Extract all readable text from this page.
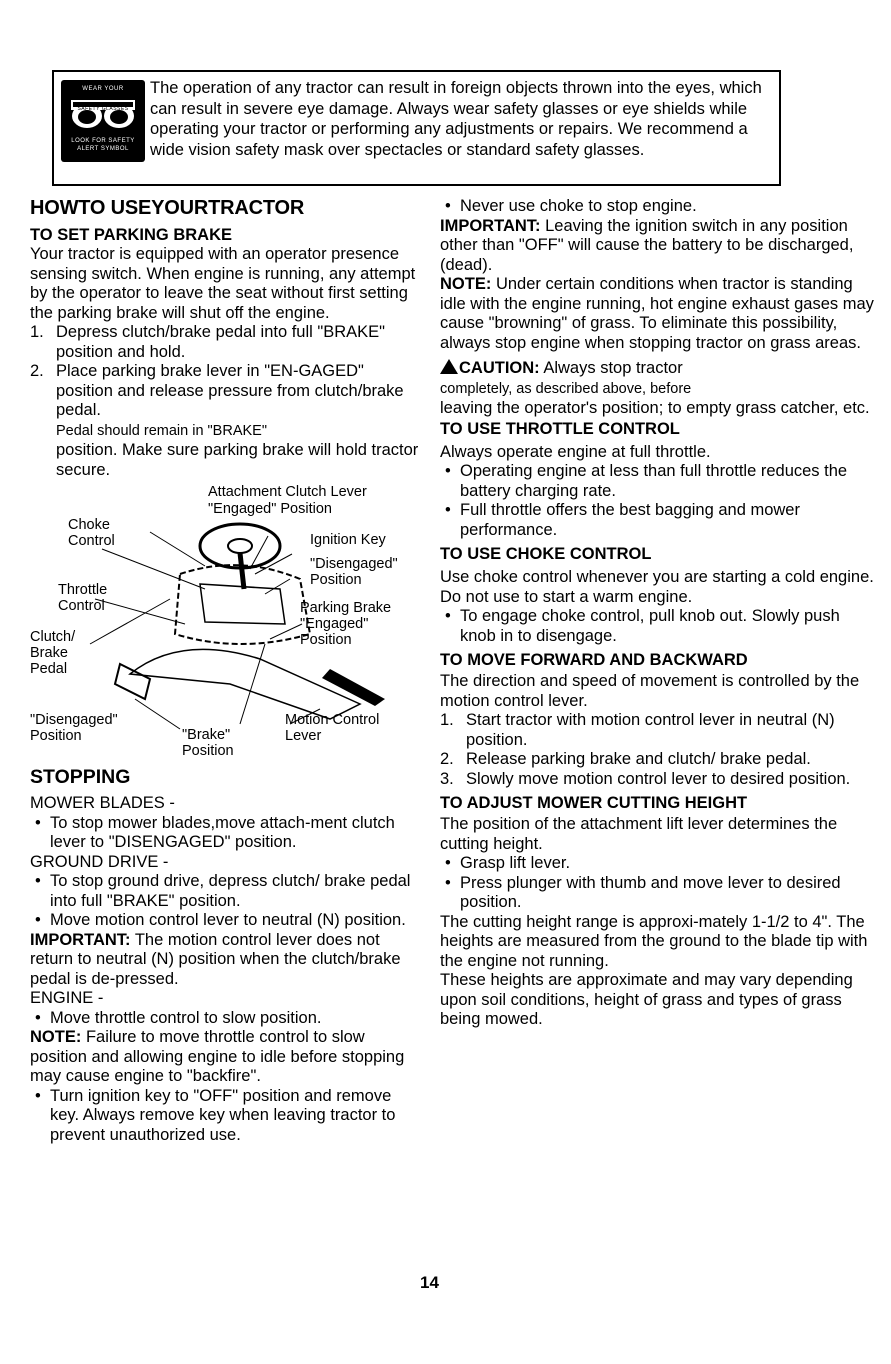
WEAR YOUR
SAFETY GLASSES
LOOK FOR SAFETY
ALERT SYMBOL
The operation of any tractor can result in foreign objects thrown into the eyes, which can result in severe eye damage. Always wear safety glasses or eye shields while operating your tractor or performing any adjustments or repairs. We recommend a wide vision safety mask over spectacles or standard safety glasses.
HOWTO USEYOURTRACTOR
TO SET PARKING BRAKE

Your tractor is equipped with an operator presence sensing switch. When engine is running, any attempt by the operator to leave the seat without first setting the parking brake will shut off the engine.

1. Depress clutch/brake pedal into full "BRAKE" position and hold.
2. Place parking brake lever in "EN-GAGED" position and release pressure from clutch/brake pedal.
Pedal should remain in "BRAKE"
position. Make sure parking brake will hold tractor secure.
Attachment Clutch Lever
"Engaged" Position
Choke Control	Ignition Key
"Disengaged" Position
Throttle Control	Parking Brake "Engaged" Position
Clutch/ Brake Pedal
"Disengaged" Position	"Brake" Position
Motion Control Lever
STOPPING

MOWER BLADES -

• To stop mower blades,move attach-ment clutch lever to "DISENGAGED" position.

GROUND DRIVE -

• To stop ground drive, depress clutch/ brake pedal into full "BRAKE" position.
• Move motion control lever to neutral (N) position.

IMPORTANT: The motion control lever does not return to neutral (N) position when the clutch/brake pedal is de-pressed.

ENGINE -

• Move throttle control to slow position.

NOTE: Failure to move throttle control to slow position and allowing engine to idle before stopping may cause engine to "backfire".

• Turn ignition key to "OFF" position and remove key. Always remove key when leaving tractor to prevent unauthorized use.
• Never use choke to stop engine.

IMPORTANT: Leaving the ignition switch in any position other than "OFF" will cause the battery to be discharged, (dead).

NOTE: Under certain conditions when tractor is standing idle with the engine running, hot engine exhaust gases may cause "browning" of grass. To eliminate this possibility, always stop engine when stopping tractor on grass areas.

CAUTION: Always stop tractor
completely, as described above, before
leaving the operator's position; to empty grass catcher, etc.

TO USE THROTTLE CONTROL

Always operate engine at full throttle.

• Operating engine at less than full throttle reduces the battery charging rate.
• Full throttle offers the best bagging and mower performance.
TO USE CHOKE CONTROL

Use choke control whenever you are starting a cold engine. Do not use to start a warm engine.

• To engage choke control, pull knob out. Slowly push knob in to disengage.
TO MOVE FORWARD AND BACKWARD

The direction and speed of movement is controlled by the motion control lever.

1. Start tractor with motion control lever in neutral (N) position.
2. Release parking brake and clutch/ brake pedal.
3. Slowly move motion control lever to desired position.
TO ADJUST MOWER CUTTING HEIGHT

The position of the attachment lift lever determines the cutting height.

• Grasp lift lever.
• Press plunger with thumb and move lever to desired position.

The cutting height range is approxi-mately 1-1/2 to 4". The heights are measured from the ground to the blade tip with the engine not running.

These heights are approximate and may vary depending upon soil conditions, height of grass and types of grass being mowed.

14
